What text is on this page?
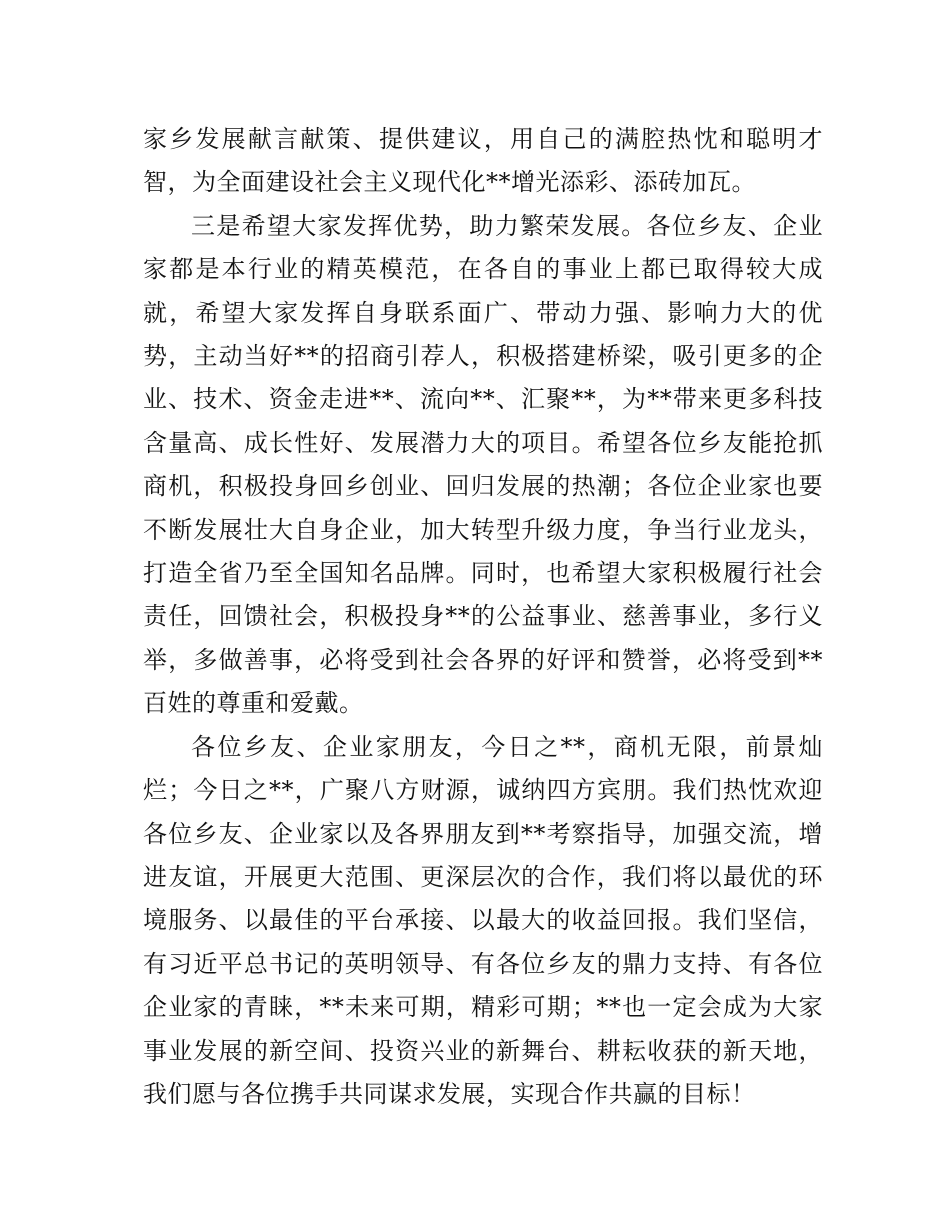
家乡发展献言献策、提供建议，用自己的满腔热忱和聪明才智，为全面建设社会主义现代化**增光添彩、添砖加瓦。

三是希望大家发挥优势，助力繁荣发展。各位乡友、企业家都是本行业的精英模范，在各自的事业上都已取得较大成就，希望大家发挥自身联系面广、带动力强、影响力大的优势，主动当好**的招商引荐人，积极搭建桥梁，吸引更多的企业、技术、资金走进**、流向**、汇聚**，为**带来更多科技含量高、成长性好、发展潜力大的项目。希望各位乡友能抢抓商机，积极投身回乡创业、回归发展的热潮；各位企业家也要不断发展壮大自身企业，加大转型升级力度，争当行业龙头，打造全省乃至全国知名品牌。同时，也希望大家积极履行社会责任，回馈社会，积极投身**的公益事业、慈善事业，多行义举，多做善事，必将受到社会各界的好评和赞誉，必将受到**百姓的尊重和爱戴。

各位乡友、企业家朋友，今日之**，商机无限，前景灿烂；今日之**，广聚八方财源，诚纳四方宾朋。我们热忱欢迎各位乡友、企业家以及各界朋友到**考察指导，加强交流，增进友谊，开展更大范围、更深层次的合作，我们将以最优的环境服务、以最佳的平台承接、以最大的收益回报。我们坚信，有习近平总书记的英明领导、有各位乡友的鼎力支持、有各位企业家的青睐，**未来可期，精彩可期；**也一定会成为大家事业发展的新空间、投资兴业的新舞台、耕耘收获的新天地，我们愿与各位携手共同谋求发展，实现合作共赢的目标！
